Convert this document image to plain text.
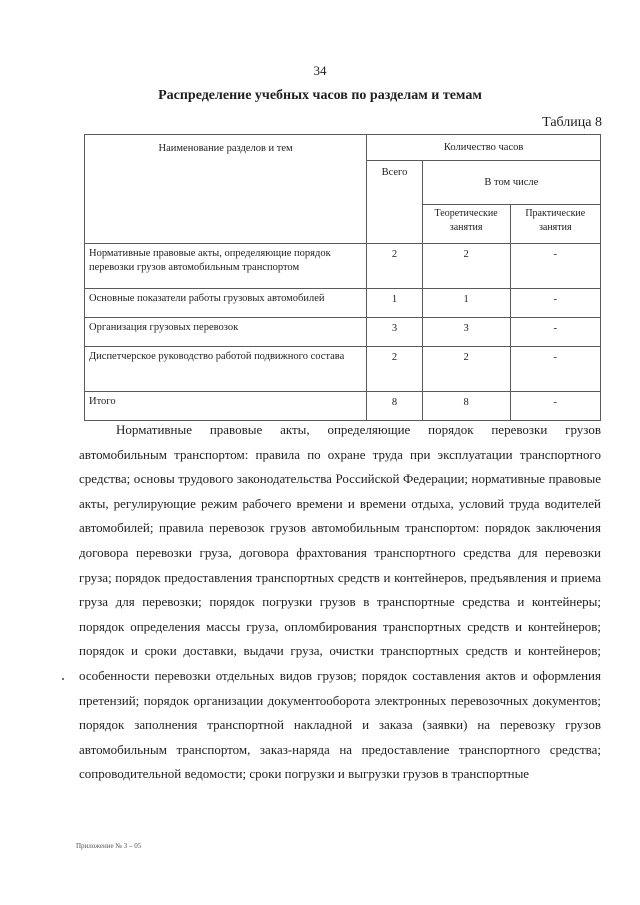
34
Распределение учебных часов по разделам и темам
Таблица 8
Наименование разделов и тем	Количество часов		
	Всего	В том числе	
		Теоретические занятия	Практические занятия
Нормативные правовые акты, определяющие порядок перевозки грузов автомобильным транспортом	2	2	-
Основные показатели работы грузовых автомобилей	1	1	-
Организация грузовых перевозок	3	3	-
Диспетчерское руководство работой подвижного состава	2	2	-
Итого	8	8	-

Нормативные правовые акты, определяющие порядок перевозки грузов автомобильным транспортом: правила по охране труда при эксплуатации транспортного средства; основы трудового законодательства Российской Федерации; нормативные правовые акты, регулирующие режим рабочего времени и времени отдыха, условий труда водителей автомобилей; правила перевозок грузов автомобильным транспортом: порядок заключения договора перевозки груза, договора фрахтования транспортного средства для перевозки груза; порядок предоставления транспортных средств и контейнеров, предъявления и приема груза для перевозки; порядок погрузки грузов в транспортные средства и контейнеры; порядок определения массы груза, опломбирования транспортных средств и контейнеров; порядок и сроки доставки, выдачи груза, очистки транспортных средств и контейнеров; особенности перевозки отдельных видов грузов; порядок составления актов и оформления претензий; порядок организации документооборота электронных перевозочных документов; порядок заполнения транспортной накладной и заказа (заявки) на перевозку грузов автомобильным транспортом, заказ-наряда на предоставление транспортного средства; сопроводительной ведомости; сроки погрузки и выгрузки грузов в транспортные

Приложение № 3 – 05
